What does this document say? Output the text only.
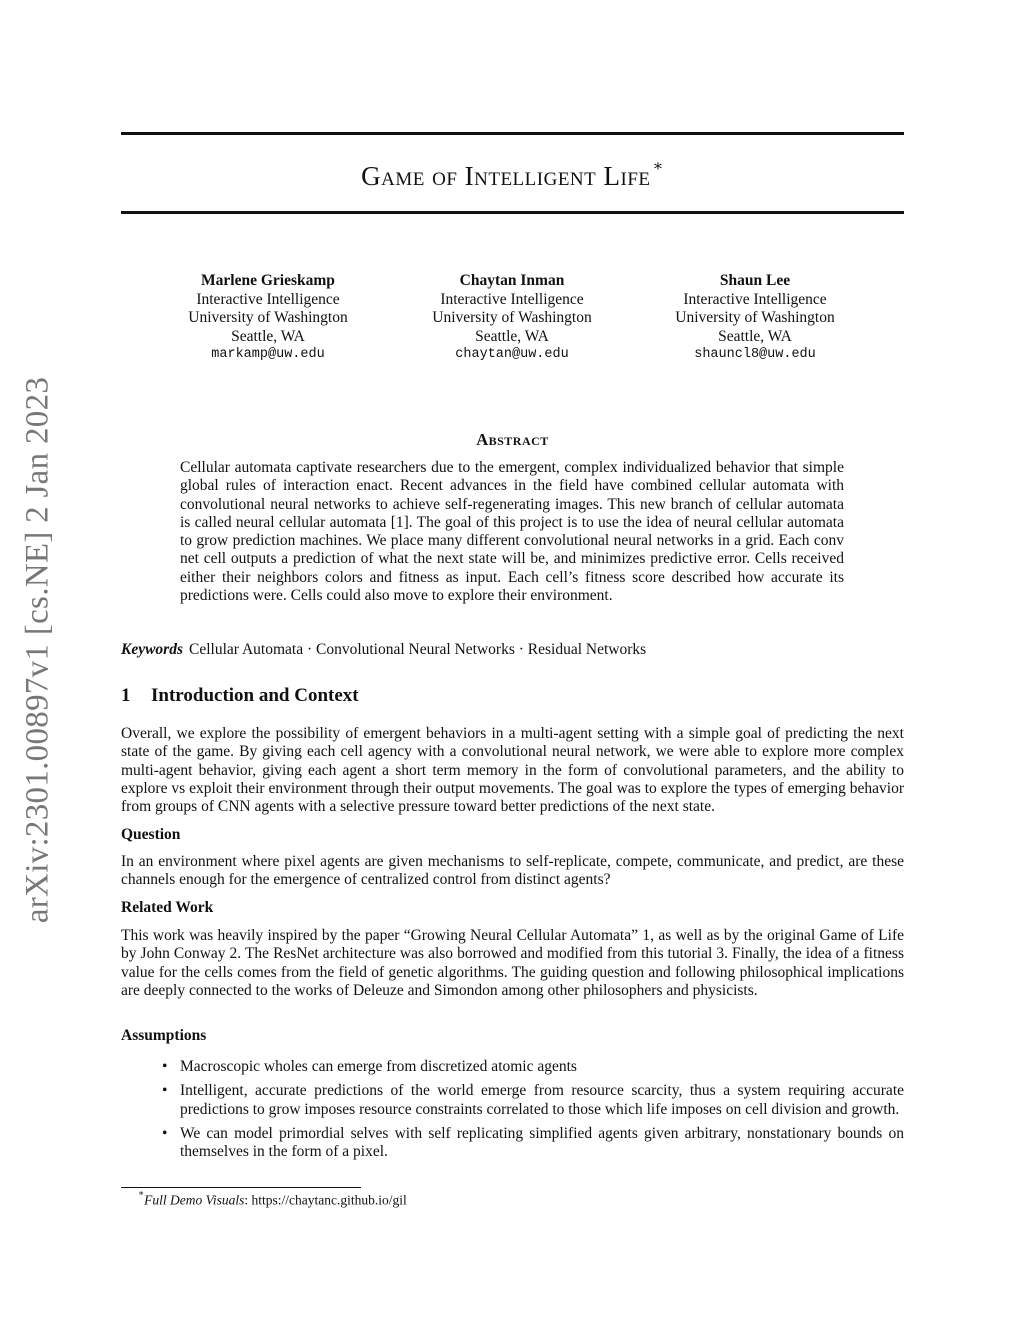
arXiv:2301.00897v1 [cs.NE] 2 Jan 2023
Game of Intelligent Life ∗
Marlene Grieskamp
Interactive Intelligence
University of Washington
Seattle, WA
markamp@uw.edu
Chaytan Inman
Interactive Intelligence
University of Washington
Seattle, WA
chaytan@uw.edu
Shaun Lee
Interactive Intelligence
University of Washington
Seattle, WA
shauncl8@uw.edu
Abstract
Cellular automata captivate researchers due to the emergent, complex individualized behavior that simple global rules of interaction enact. Recent advances in the field have combined cellular automata with convolutional neural networks to achieve self-regenerating images. This new branch of cellular automata is called neural cellular automata [1]. The goal of this project is to use the idea of neural cellular automata to grow prediction machines. We place many different convolutional neural networks in a grid. Each conv net cell outputs a prediction of what the next state will be, and minimizes predictive error. Cells received either their neighbors colors and fitness as input. Each cell’s fitness score described how accurate its predictions were. Cells could also move to explore their environment.
Keywords Cellular Automata · Convolutional Neural Networks · Residual Networks
1 Introduction and Context
Overall, we explore the possibility of emergent behaviors in a multi-agent setting with a simple goal of predicting the next state of the game. By giving each cell agency with a convolutional neural network, we were able to explore more complex multi-agent behavior, giving each agent a short term memory in the form of convolutional parameters, and the ability to explore vs exploit their environment through their output movements. The goal was to explore the types of emerging behavior from groups of CNN agents with a selective pressure toward better predictions of the next state.
Question
In an environment where pixel agents are given mechanisms to self-replicate, compete, communicate, and predict, are these channels enough for the emergence of centralized control from distinct agents?
Related Work
This work was heavily inspired by the paper “Growing Neural Cellular Automata” 1, as well as by the original Game of Life by John Conway 2. The ResNet architecture was also borrowed and modified from this tutorial 3. Finally, the idea of a fitness value for the cells comes from the field of genetic algorithms. The guiding question and following philosophical implications are deeply connected to the works of Deleuze and Simondon among other philosophers and physicists.
Assumptions
• Macroscopic wholes can emerge from discretized atomic agents
• Intelligent, accurate predictions of the world emerge from resource scarcity, thus a system requiring accurate predictions to grow imposes resource constraints correlated to those which life imposes on cell division and growth.
• We can model primordial selves with self replicating simplified agents given arbitrary, nonstationary bounds on themselves in the form of a pixel.
∗Full Demo Visuals: https://chaytanc.github.io/gil
